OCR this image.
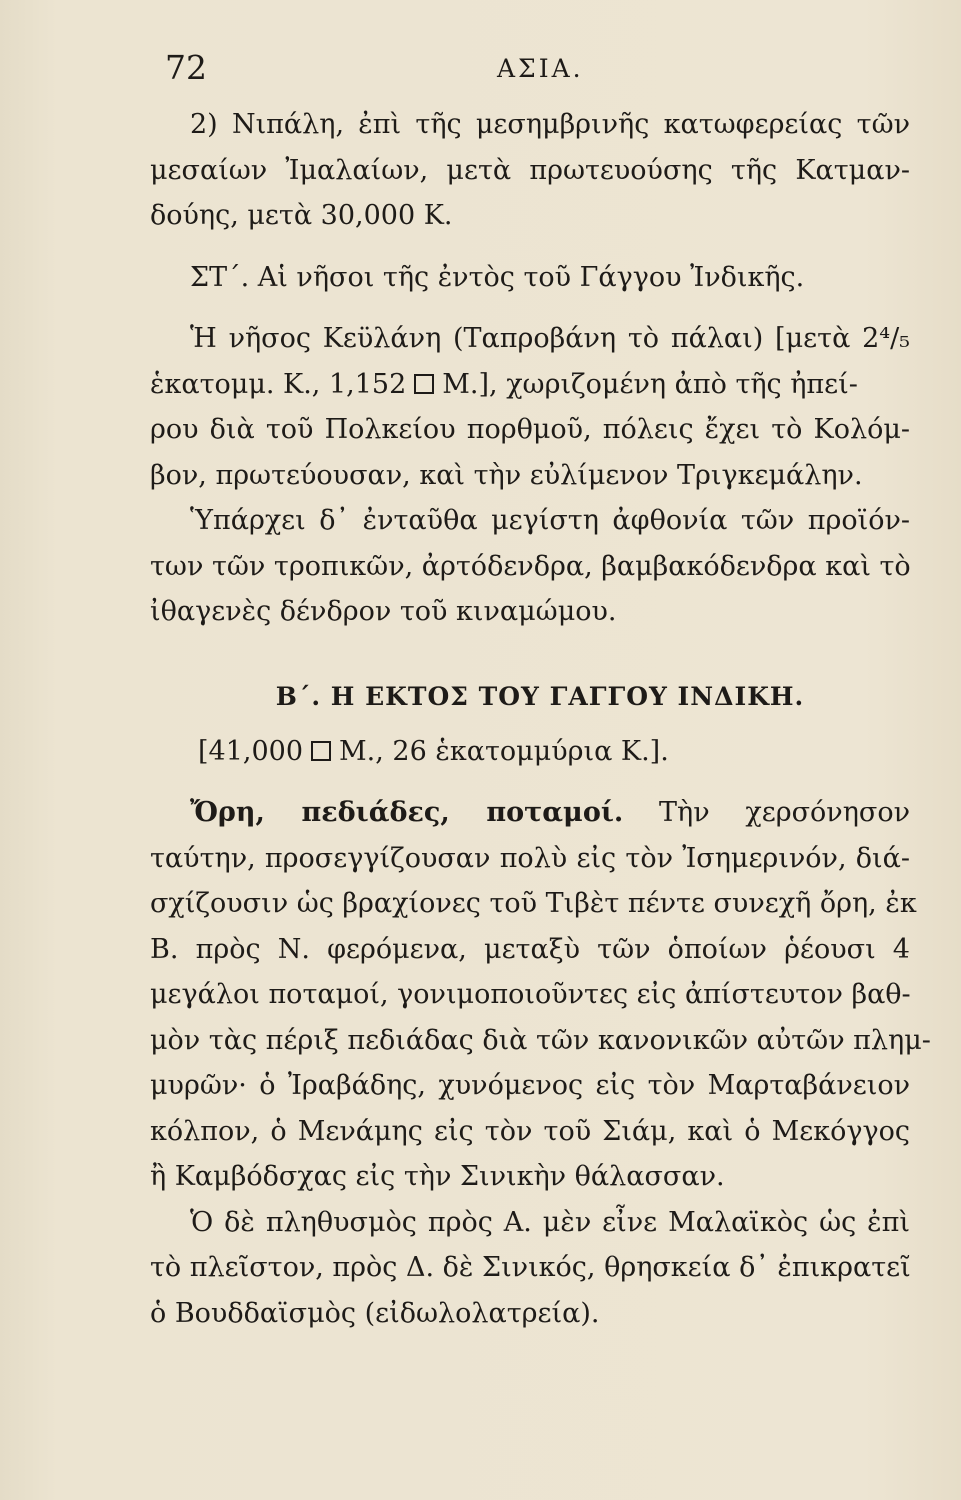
72	ΑΣΙΑ.
2) Νιπάλη, ἐπὶ τῆς μεσημβρινῆς κατωφερείας τῶν
μεσαίων Ἰμαλαίων, μετὰ πρωτευούσης τῆς Κατμαν-
δούης, μετὰ 30,000 Κ.
ΣΤ΄. Αἱ νῆσοι τῆς ἐντὸς τοῦ Γάγγου Ἰνδικῆς.
Ἡ νῆσος Κεϋλάνη (Ταπροβάνη τὸ πάλαι) [μετὰ 2⁴/₅
ἑκατομμ. Κ., 1,152 Μ.], χωριζομένη ἀπὸ τῆς ἠπεί-
ρου διὰ τοῦ Πολκείου πορθμοῦ, πόλεις ἔχει τὸ Κολόμ-
βον, πρωτεύουσαν, καὶ τὴν εὐλίμενον Τριγκεμάλην.
Ὑπάρχει δ᾽ ἐνταῦθα μεγίστη ἀφθονία τῶν προϊόν-
των τῶν τροπικῶν, ἀρτόδενδρα, βαμβακόδενδρα καὶ τὸ
ἰθαγενὲς δένδρον τοῦ κιναμώμου.
Β΄. Η ΕΚΤΟΣ ΤΟΥ ΓΑΓΓΟΥ ΙΝΔΙΚΗ.
[41,000 Μ., 26 ἑκατομμύρια Κ.].
Ὄρη, πεδιάδες, ποταμοί. Τὴν χερσόνησον
ταύτην, προσεγγίζουσαν πολὺ εἰς τὸν Ἰσημερινόν, διά-
σχίζουσιν ὡς βραχίονες τοῦ Τιβὲτ πέντε συνεχῆ ὄρη, ἐκ
Β. πρὸς Ν. φερόμενα, μεταξὺ τῶν ὁποίων ῥέουσι 4
μεγάλοι ποταμοί, γονιμοποιοῦντες εἰς ἀπίστευτον βαθ-
μὸν τὰς πέριξ πεδιάδας διὰ τῶν κανονικῶν αὐτῶν πλημ-
μυρῶν· ὁ Ἰραβάδης, χυνόμενος εἰς τὸν Μαρταβάνειον
κόλπον, ὁ Μενάμης εἰς τὸν τοῦ Σιάμ, καὶ ὁ Μεκόγγος
ἢ Καμβόδσχας εἰς τὴν Σινικὴν θάλασσαν.
Ὁ δὲ πληθυσμὸς πρὸς Α. μὲν εἶνε Μαλαϊκὸς ὡς ἐπὶ
τὸ πλεῖστον, πρὸς Δ. δὲ Σινικός, θρησκεία δ᾽ ἐπικρατεῖ
ὁ Βουδδαϊσμὸς (εἰδωλολατρεία).
